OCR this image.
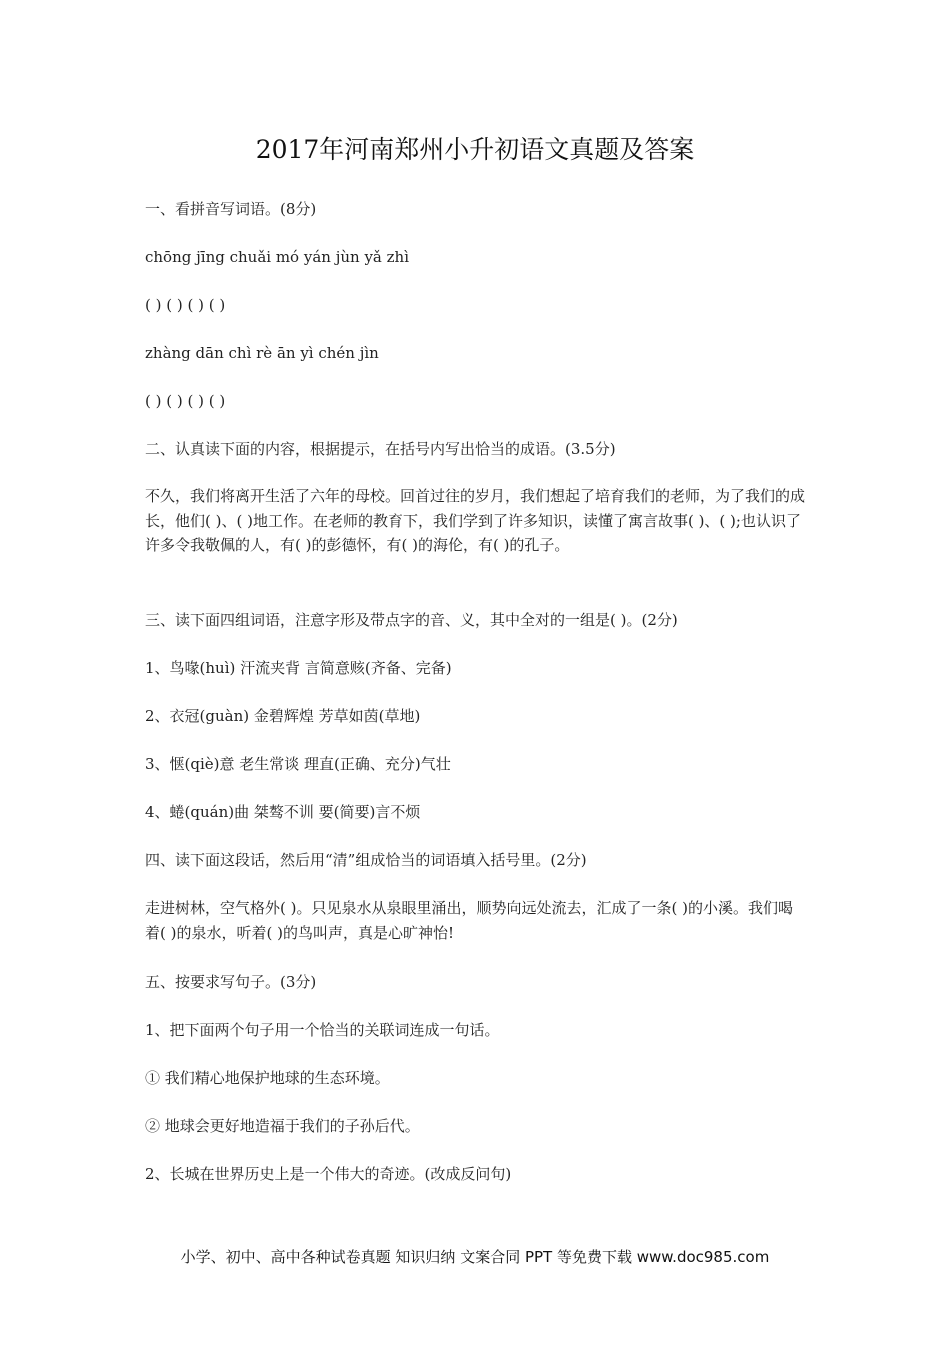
2017年河南郑州小升初语文真题及答案
一、看拼音写词语。(8分)
chōng jīng chuǎi mó yán jùn yǎ zhì
( ) ( ) ( ) ( )
zhàng dān chì rè ān yì chén jìn
( ) ( ) ( ) ( )
二、认真读下面的内容，根据提示，在括号内写出恰当的成语。(3.5分)
不久，我们将离开生活了六年的母校。回首过往的岁月，我们想起了培育我们的老师，为了我们的成长，他们( )、( )地工作。在老师的教育下，我们学到了许多知识，读懂了寓言故事( )、( );也认识了许多令我敬佩的人，有( )的彭德怀，有( )的海伦，有( )的孔子。
三、读下面四组词语，注意字形及带点字的音、义，其中全对的一组是( )。(2分)
1、鸟喙(huì) 汗流夹背 言简意赅(齐备、完备)
2、衣冠(guàn) 金碧辉煌 芳草如茵(草地)
3、惬(qiè)意 老生常谈 理直(正确、充分)气壮
4、蜷(quán)曲 桀骜不训 要(简要)言不烦
四、读下面这段话，然后用“清”组成恰当的词语填入括号里。(2分)
走进树林，空气格外( )。只见泉水从泉眼里涌出，顺势向远处流去，汇成了一条( )的小溪。我们喝着( )的泉水，听着( )的鸟叫声，真是心旷神怡!
五、按要求写句子。(3分)
1、把下面两个句子用一个恰当的关联词连成一句话。
① 我们精心地保护地球的生态环境。
② 地球会更好地造福于我们的子孙后代。
2、长城在世界历史上是一个伟大的奇迹。(改成反问句)
小学、初中、高中各种试卷真题 知识归纳 文案合同 PPT 等免费下载 www.doc985.com
